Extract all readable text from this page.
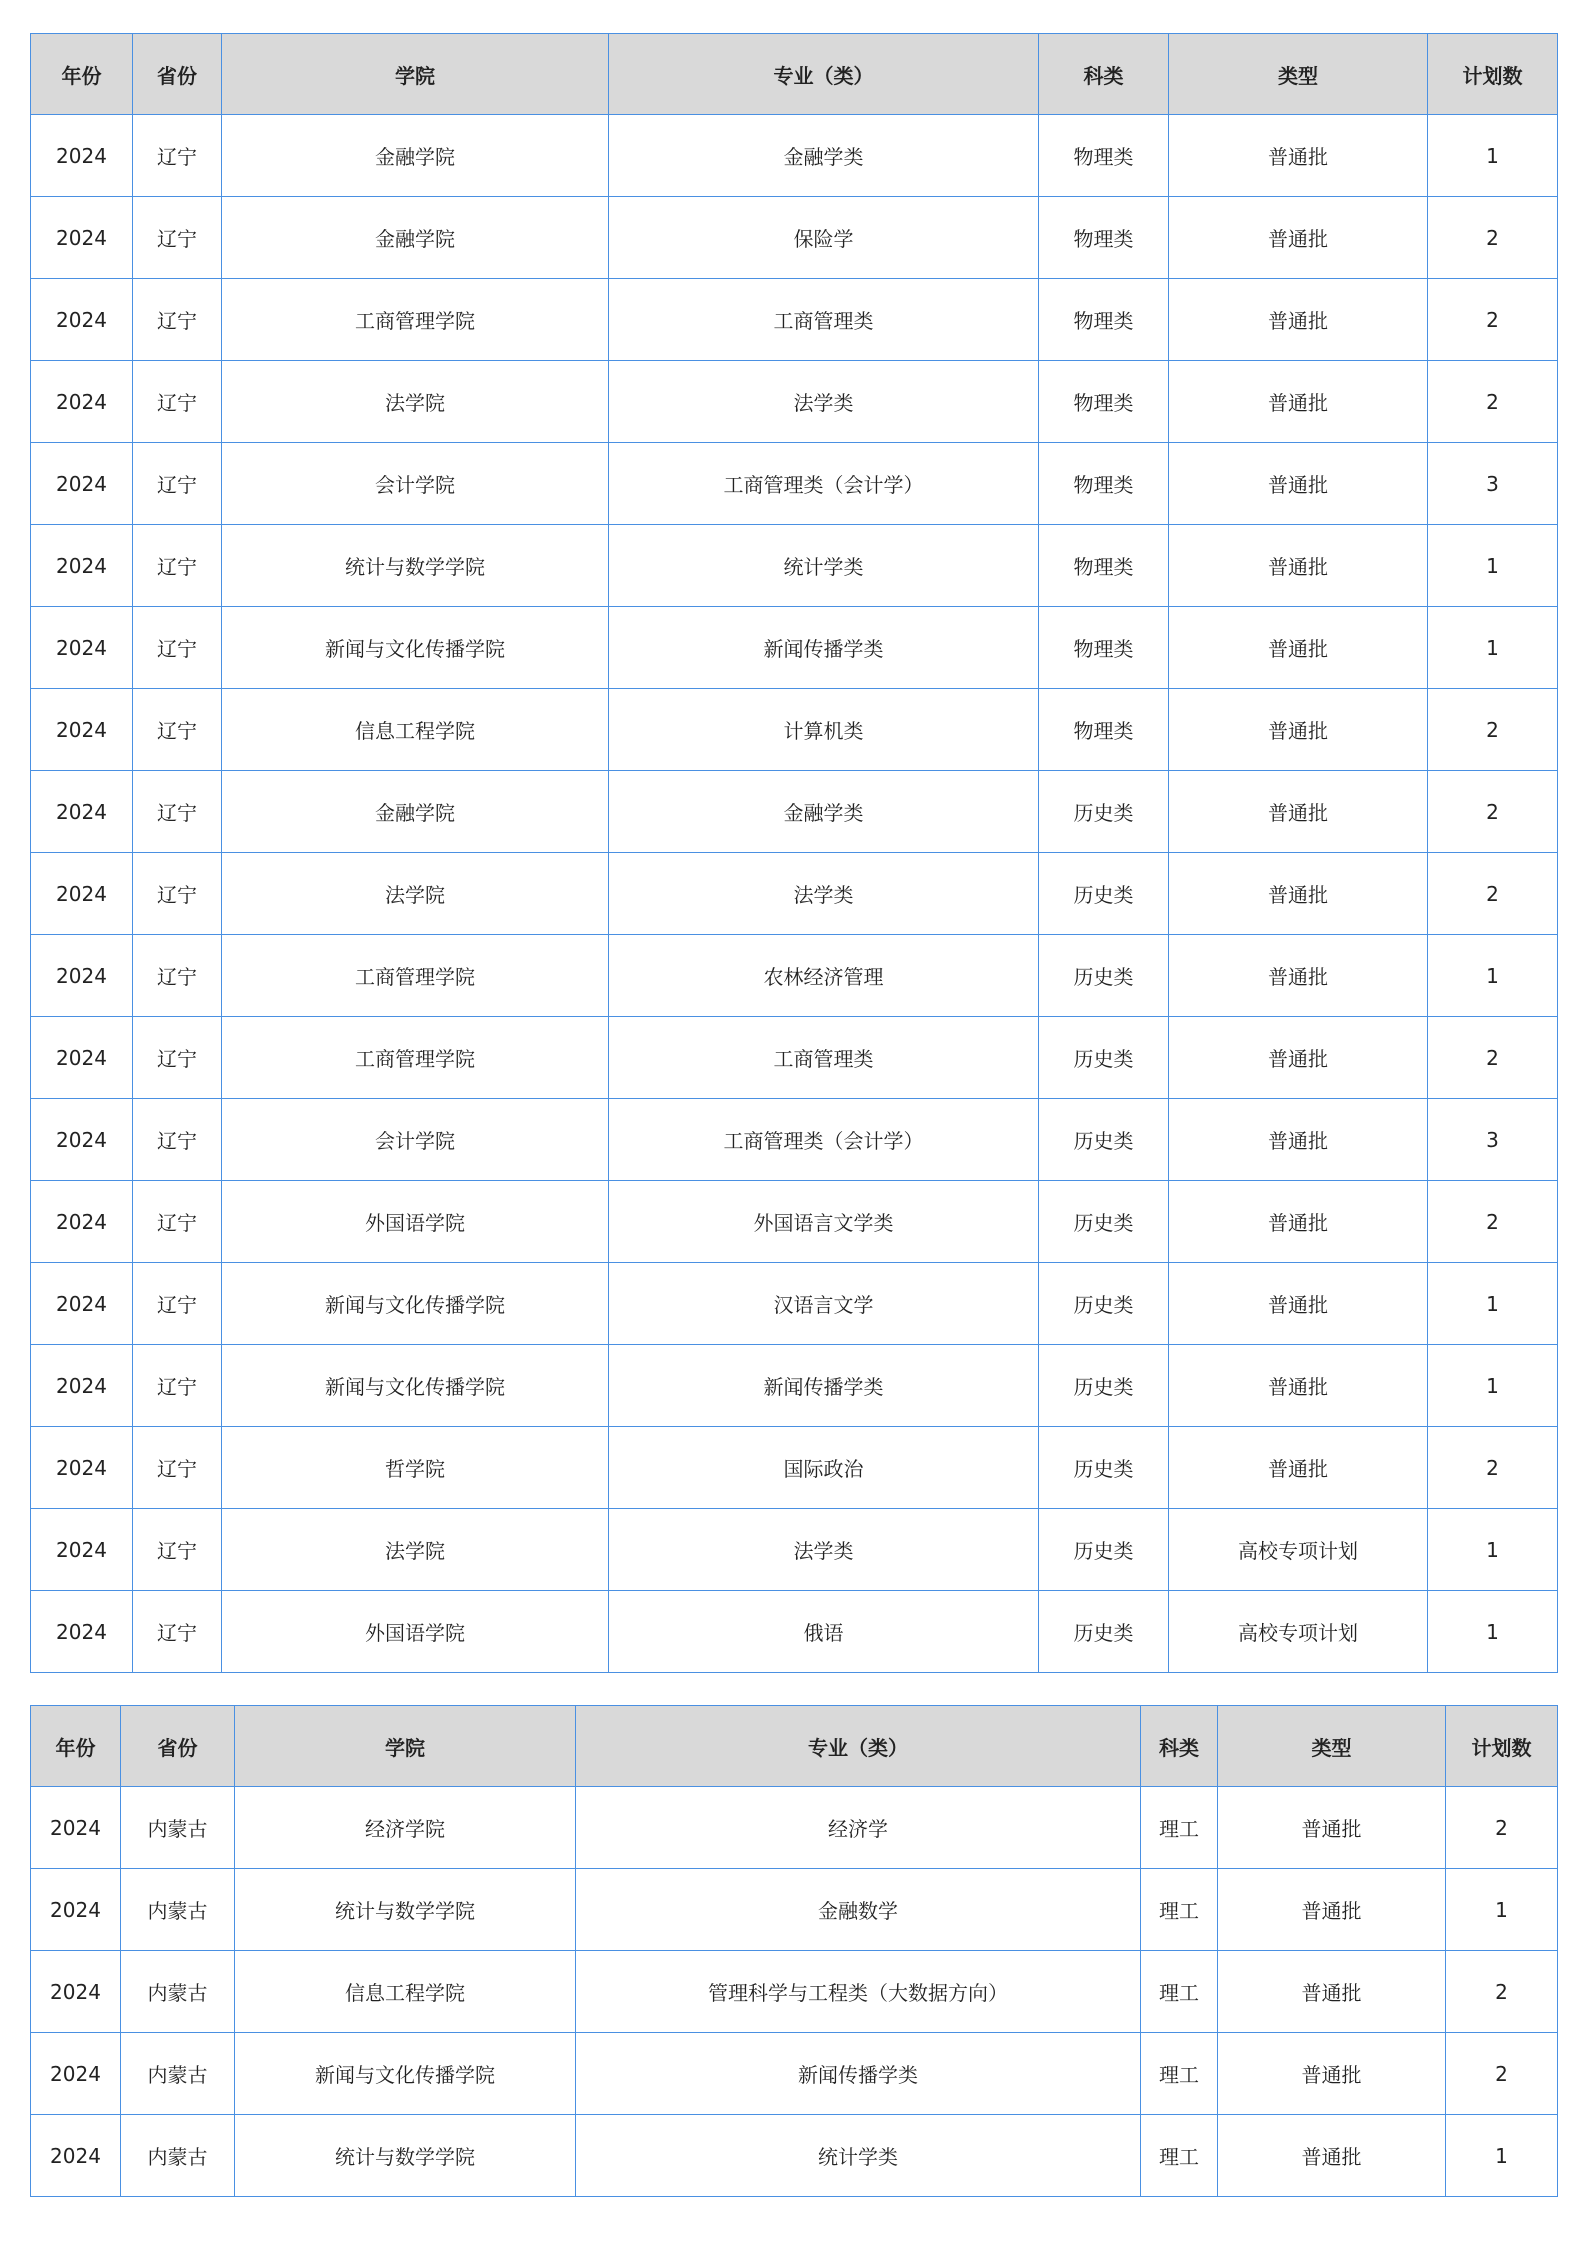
年份	省份	学院	专业（类）	科类	类型	计划数
2024	辽宁	金融学院	金融学类	物理类	普通批	1
2024	辽宁	金融学院	保险学	物理类	普通批	2
2024	辽宁	工商管理学院	工商管理类	物理类	普通批	2
2024	辽宁	法学院	法学类	物理类	普通批	2
2024	辽宁	会计学院	工商管理类（会计学）	物理类	普通批	3
2024	辽宁	统计与数学学院	统计学类	物理类	普通批	1
2024	辽宁	新闻与文化传播学院	新闻传播学类	物理类	普通批	1
2024	辽宁	信息工程学院	计算机类	物理类	普通批	2
2024	辽宁	金融学院	金融学类	历史类	普通批	2
2024	辽宁	法学院	法学类	历史类	普通批	2
2024	辽宁	工商管理学院	农林经济管理	历史类	普通批	1
2024	辽宁	工商管理学院	工商管理类	历史类	普通批	2
2024	辽宁	会计学院	工商管理类（会计学）	历史类	普通批	3
2024	辽宁	外国语学院	外国语言文学类	历史类	普通批	2
2024	辽宁	新闻与文化传播学院	汉语言文学	历史类	普通批	1
2024	辽宁	新闻与文化传播学院	新闻传播学类	历史类	普通批	1
2024	辽宁	哲学院	国际政治	历史类	普通批	2
2024	辽宁	法学院	法学类	历史类	高校专项计划	1
2024	辽宁	外国语学院	俄语	历史类	高校专项计划	1
年份	省份	学院	专业（类）	科类	类型	计划数
2024	内蒙古	经济学院	经济学	理工	普通批	2
2024	内蒙古	统计与数学学院	金融数学	理工	普通批	1
2024	内蒙古	信息工程学院	管理科学与工程类（大数据方向）	理工	普通批	2
2024	内蒙古	新闻与文化传播学院	新闻传播学类	理工	普通批	2
2024	内蒙古	统计与数学学院	统计学类	理工	普通批	1
